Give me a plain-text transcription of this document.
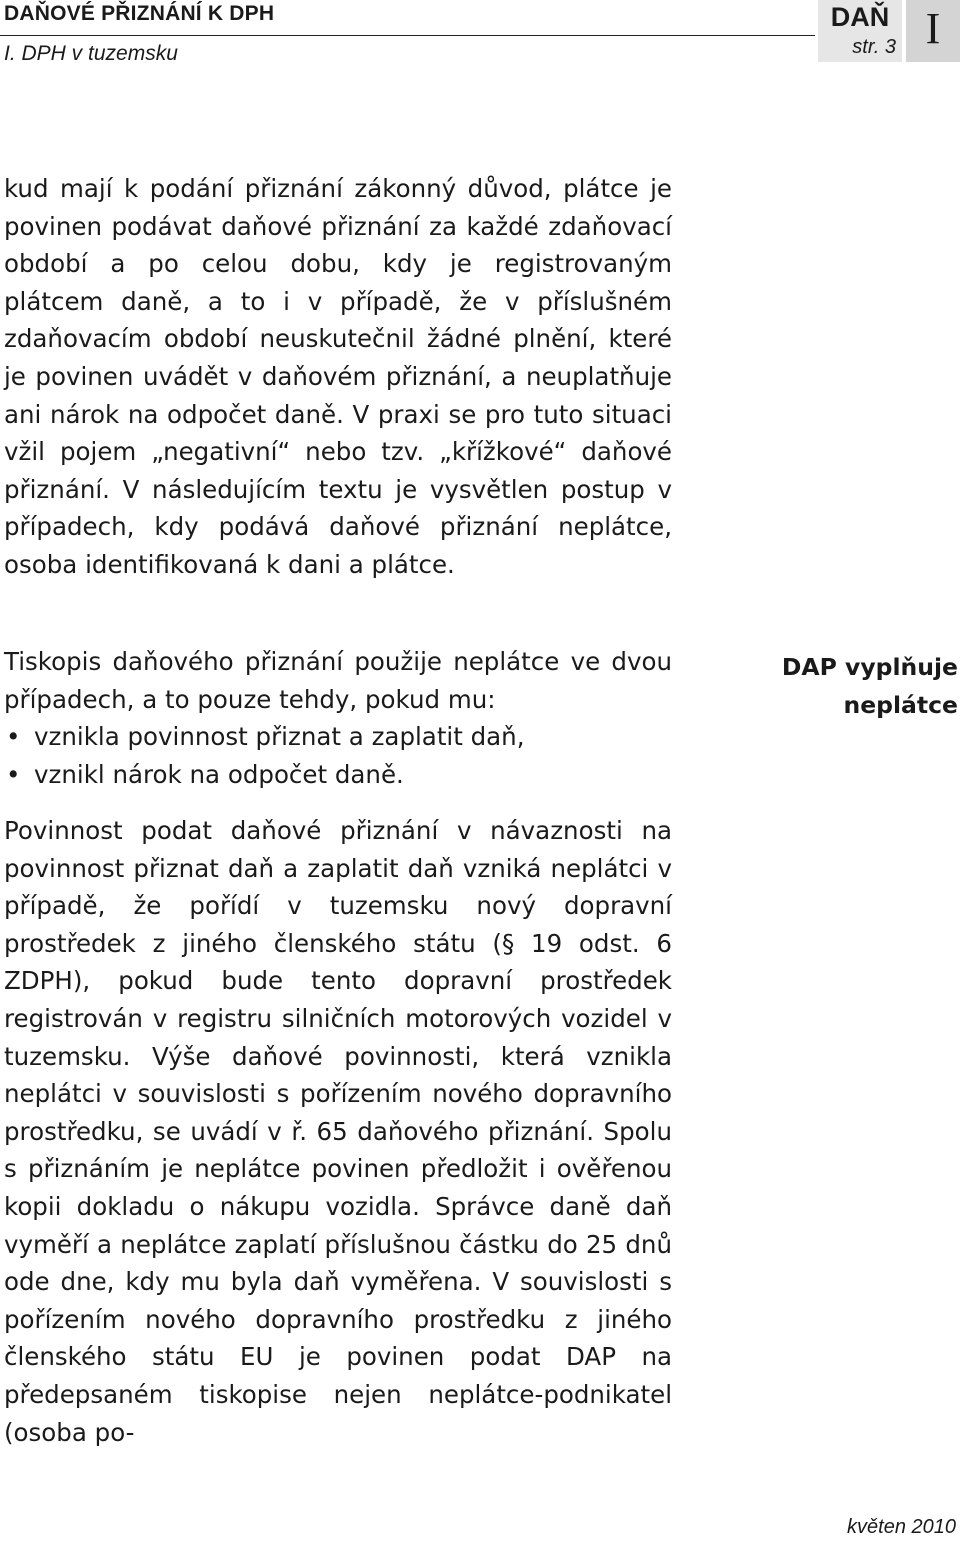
DAŇOVÉ PŘIZNÁNÍ K DPH
I. DPH v tuzemsku
DAŇ
str. 3 I

kud mají k podání přiznání zákonný důvod, plátce je povinen podávat daňové přiznání za každé zdaňovací období a po celou dobu, kdy je registrovaným plátcem daně, a to i v případě, že v příslušném zdaňovacím období neuskutečnil žádné plnění, které je povinen uvádět v daňovém přiznání, a neuplatňuje ani nárok na odpočet daně. V praxi se pro tuto situaci vžil pojem „negativní“ nebo tzv. „křížkové“ daňové přiznání. V následujícím textu je vysvětlen postup v případech, kdy podává daňové přiznání neplátce, osoba identifikovaná k dani a plátce.

Tiskopis daňového přiznání použije neplátce ve dvou případech, a to pouze tehdy, pokud mu:
• vznikla povinnost přiznat a zaplatit daň,
• vznikl nárok na odpočet daně.

Povinnost podat daňové přiznání v návaznosti na povinnost přiznat daň a zaplatit daň vzniká neplátci v případě, že pořídí v tuzemsku nový dopravní prostředek z jiného členského státu (§ 19 odst. 6 ZDPH), pokud bude tento dopravní prostředek registrován v registru silničních motorových vozidel v tuzemsku. Výše daňové povinnosti, která vznikla neplátci v souvislosti s pořízením nového dopravního prostředku, se uvádí v ř. 65 daňového přiznání. Spolu s přiznáním je neplátce povinen předložit i ověřenou kopii dokladu o nákupu vozidla. Správce daně daň vyměří a neplátce zaplatí příslušnou částku do 25 dnů ode dne, kdy mu byla daň vyměřena. V souvislosti s pořízením nového dopravního prostředku z jiného členského státu EU je povinen podat DAP na předepsaném tiskopise nejen neplátce-podnikatel (osoba po-

DAP vyplňuje
neplátce
květen 2010
